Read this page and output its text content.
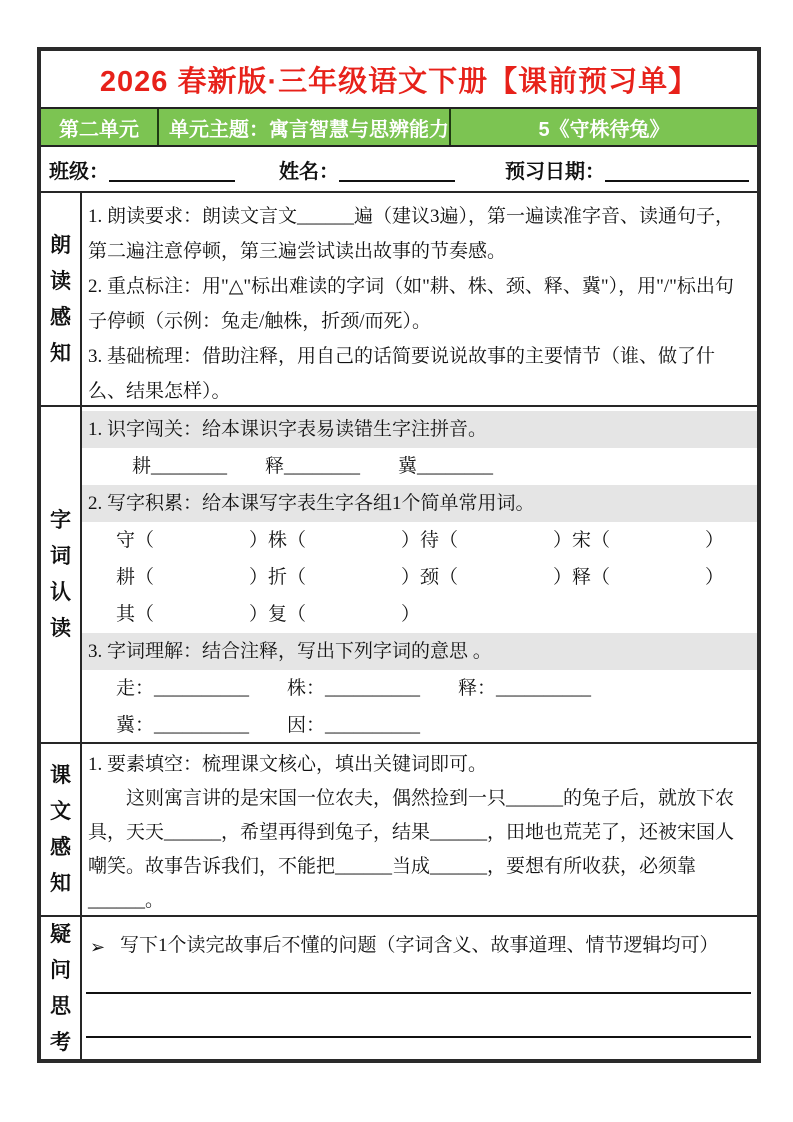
2026 春新版·三年级语文下册【课前预习单】
第二单元	单元主题：寓言智慧与思辨能力	5《守株待兔》
班级：	姓名：	预习日期：
朗
读
感
知

1. 朗读要求：朗读文言文______遍（建议3遍），第一遍读准字音、读通句子，第二遍注意停顿，第三遍尝试读出故事的节奏感。

2. 重点标注：用"△"标出难读的字词（如"耕、株、颈、释、冀"），用"/"标出句子停顿（示例：兔走/触株，折颈/而死）。

3. 基础梳理：借助注释，用自己的话简要说说故事的主要情节（谁、做了什么、结果怎样）。

字
词
认
读
1. 识字闯关：给本课识字表易读错生字注拼音。
耕________　　释________　　冀________
2. 写字积累：给本课写字表生字各组1个简单常用词。
守（　　　　　）株（　　　　　）待（　　　　　）宋（　　　　　）
耕（　　　　　）折（　　　　　）颈（　　　　　）释（　　　　　）
其（　　　　　）复（　　　　　）
3. 字词理解：结合注释，写出下列字词的意思 。
走：__________　　株：__________　　释：__________
冀：__________　　因：__________
课
文
感
知
1. 要素填空：梳理课文核心，填出关键词即可。

这则寓言讲的是宋国一位农夫，偶然捡到一只______的兔子后，就放下农具，天天______，希望再得到兔子，结果______，田地也荒芜了，还被宋国人嘲笑。故事告诉我们，不能把______当成______，要想有所收获，必须靠______。

疑
问
思
考
➢ 写下1个读完故事后不懂的问题（字词含义、故事道理、情节逻辑均可）
